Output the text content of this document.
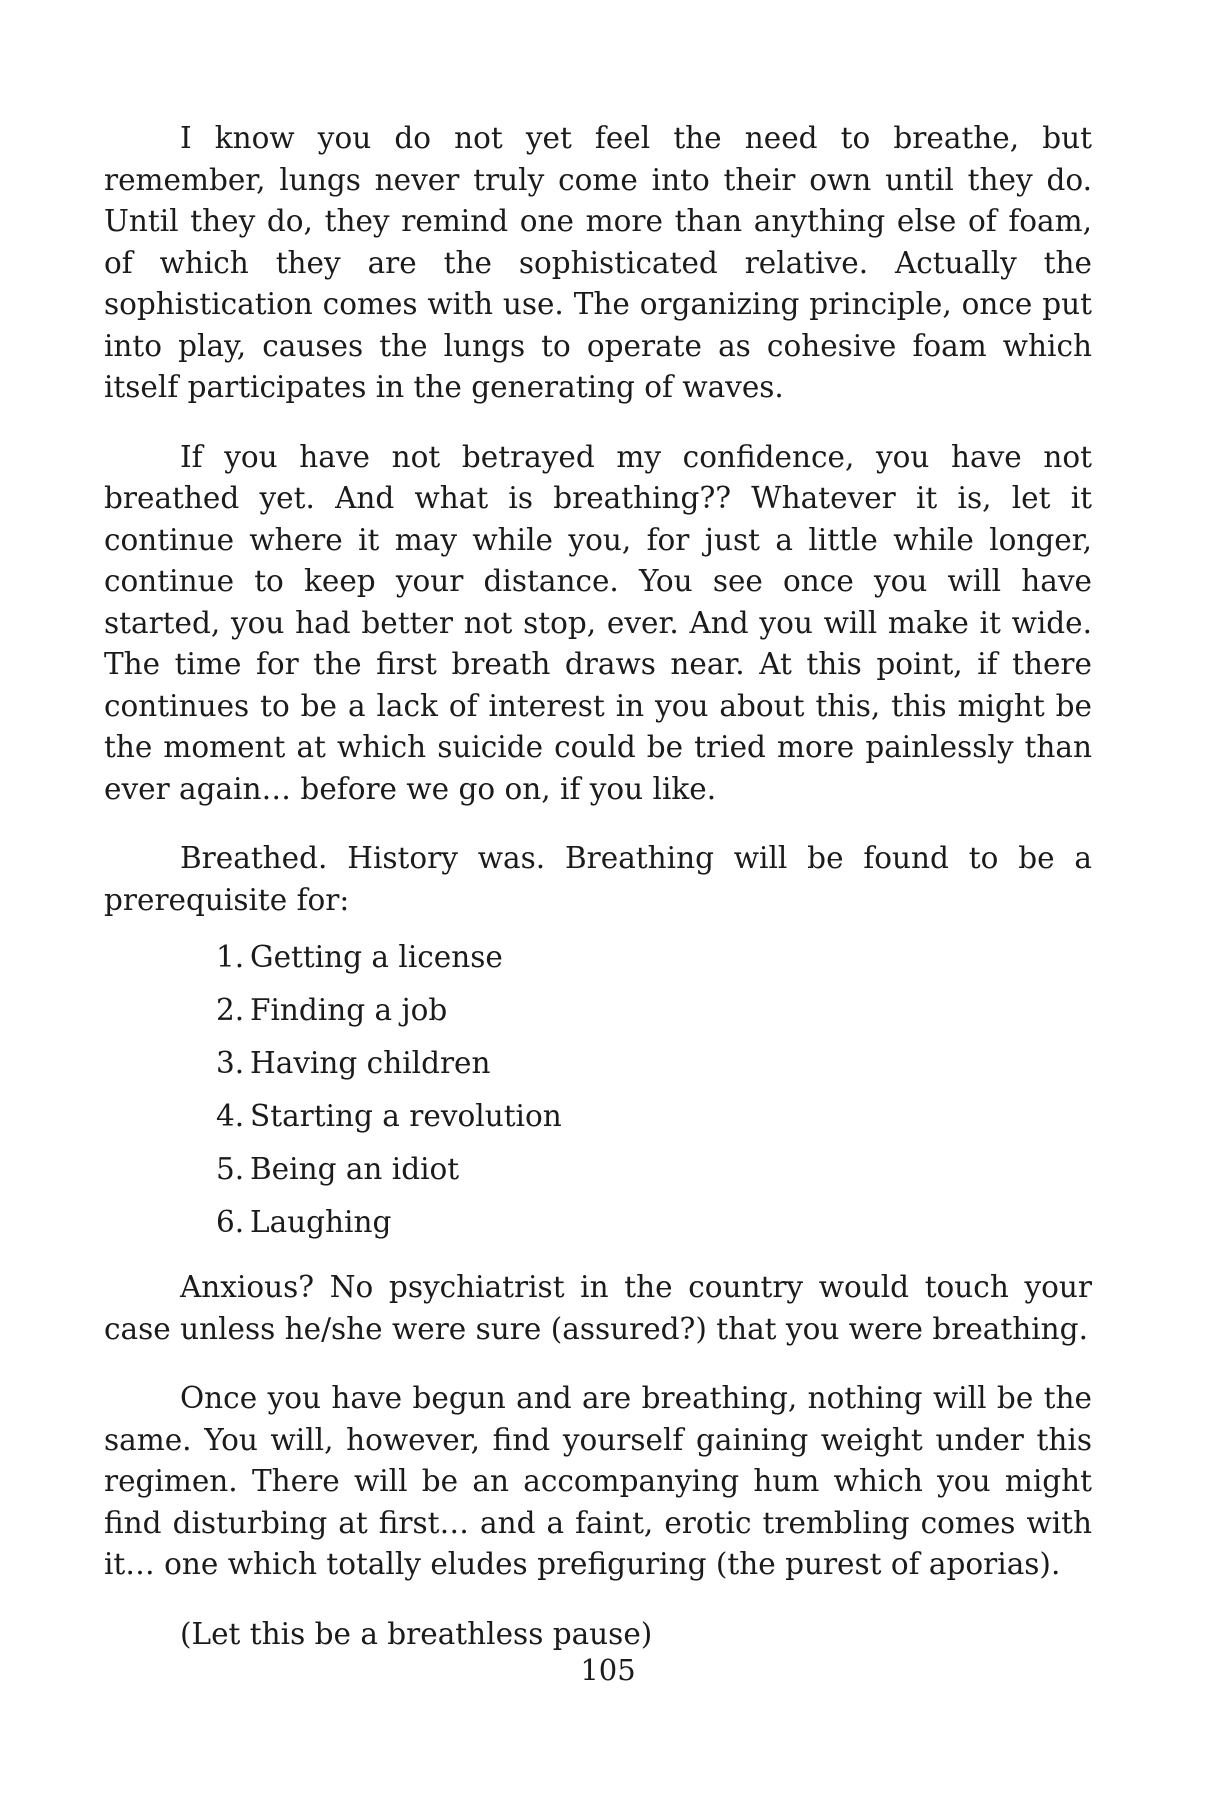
I know you do not yet feel the need to breathe, but remember, lungs never truly come into their own until they do. Until they do, they remind one more than anything else of foam, of which they are the sophisticated relative. Actually the sophistication comes with use. The organizing principle, once put into play, causes the lungs to operate as cohesive foam which itself participates in the generating of waves.

If you have not betrayed my confidence, you have not breathed yet. And what is breathing?? Whatever it is, let it continue where it may while you, for just a little while longer, continue to keep your distance. You see once you will have started, you had better not stop, ever. And you will make it wide. The time for the first breath draws near. At this point, if there continues to be a lack of interest in you about this, this might be the moment at which suicide could be tried more painlessly than ever again… before we go on, if you like.

Breathed. History was. Breathing will be found to be a prerequisite for:

1. Getting a license
2. Finding a job
3. Having children
4. Starting a revolution
5. Being an idiot
6. Laughing

Anxious? No psychiatrist in the country would touch your case unless he/she were sure (assured?) that you were breathing.

Once you have begun and are breathing, nothing will be the same. You will, however, find yourself gaining weight under this regimen. There will be an accompanying hum which you might find disturbing at first… and a faint, erotic trembling comes with it… one which totally eludes prefiguring (the purest of aporias).

(Let this be a breathless pause)

105
